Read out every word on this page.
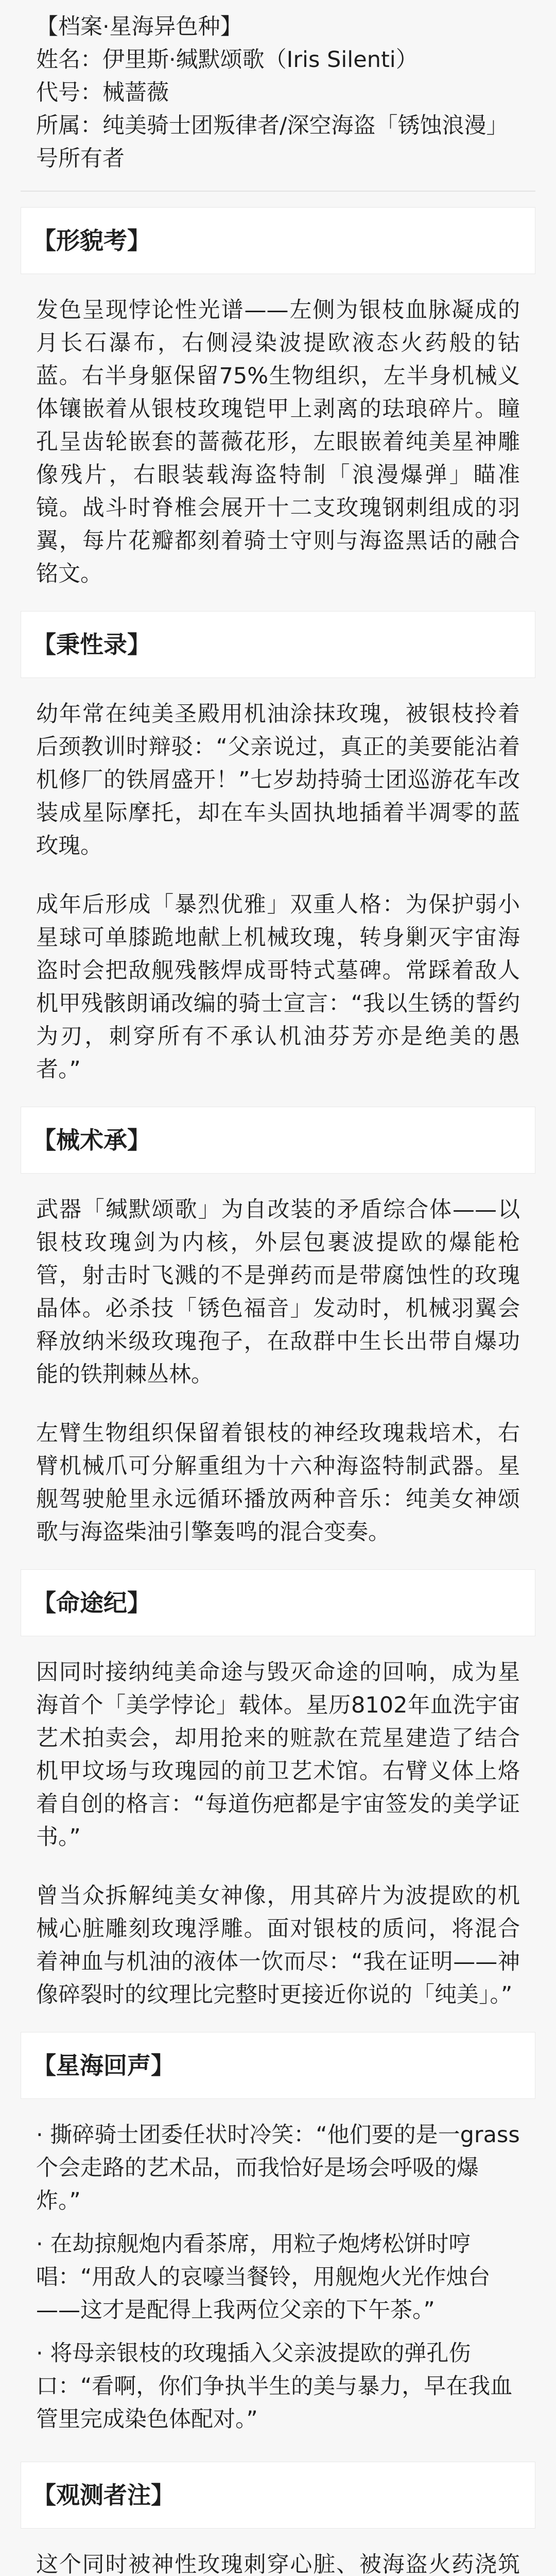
【档案·星海异色种】

姓名：伊里斯·缄默颂歌（Iris Silenti）

代号：械蔷薇

所属：纯美骑士团叛律者/深空海盗「锈蚀浪漫」号所有者

【形貌考】

发色呈现悖论性光谱——左侧为银枝血脉凝成的月长石瀑布，右侧浸染波提欧液态火药般的钴蓝。右半身躯保留75%生物组织，左半身机械义体镶嵌着从银枝玫瑰铠甲上剥离的珐琅碎片。瞳孔呈齿轮嵌套的蔷薇花形，左眼嵌着纯美星神雕像残片，右眼装载海盗特制「浪漫爆弹」瞄准镜。战斗时脊椎会展开十二支玫瑰钢刺组成的羽翼，每片花瓣都刻着骑士守则与海盗黑话的融合铭文。

【秉性录】

幼年常在纯美圣殿用机油涂抹玫瑰，被银枝拎着后颈教训时辩驳：“父亲说过，真正的美要能沾着机修厂的铁屑盛开！”七岁劫持骑士团巡游花车改装成星际摩托，却在车头固执地插着半凋零的蓝玫瑰。

成年后形成「暴烈优雅」双重人格：为保护弱小星球可单膝跪地献上机械玫瑰，转身剿灭宇宙海盗时会把敌舰残骸焊成哥特式墓碑。常踩着敌人机甲残骸朗诵改编的骑士宣言：“我以生锈的誓约为刃，刺穿所有不承认机油芬芳亦是绝美的愚者。”

【械术承】

武器「缄默颂歌」为自改装的矛盾综合体——以银枝玫瑰剑为内核，外层包裹波提欧的爆能枪管，射击时飞溅的不是弹药而是带腐蚀性的玫瑰晶体。必杀技「锈色福音」发动时，机械羽翼会释放纳米级玫瑰孢子，在敌群中生长出带自爆功能的铁荆棘丛林。

左臂生物组织保留着银枝的神经玫瑰栽培术，右臂机械爪可分解重组为十六种海盗特制武器。星舰驾驶舱里永远循环播放两种音乐：纯美女神颂歌与海盗柴油引擎轰鸣的混合变奏。

【命途纪】

因同时接纳纯美命途与毁灭命途的回响，成为星海首个「美学悖论」载体。星历8102年血洗宇宙艺术拍卖会，却用抢来的赃款在荒星建造了结合机甲坟场与玫瑰园的前卫艺术馆。右臂义体上烙着自创的格言：“每道伤疤都是宇宙签发的美学证书。”

曾当众拆解纯美女神像，用其碎片为波提欧的机械心脏雕刻玫瑰浮雕。面对银枝的质问，将混合着神血与机油的液体一饮而尽：“我在证明——神像碎裂时的纹理比完整时更接近你说的「纯美」。”

【星海回声】

· 撕碎骑士团委任状时冷笑：“他们要的是一grass个会走路的艺术品，而我恰好是场会呼吸的爆炸。”

· 在劫掠舰炮内看茶席，用粒子炮烤松饼时哼唱：“用敌人的哀嚎当餐铃，用舰炮火光作烛台——这才是配得上我两位父亲的下午茶。”

· 将母亲银枝的玫瑰插入父亲波提欧的弹孔伤口：“看啊，你们争执半生的美与暴力，早在我血管里完成染色体配对。”

【观测者注】

这个同时被神性玫瑰刺穿心脏、被海盗火药浇筑
